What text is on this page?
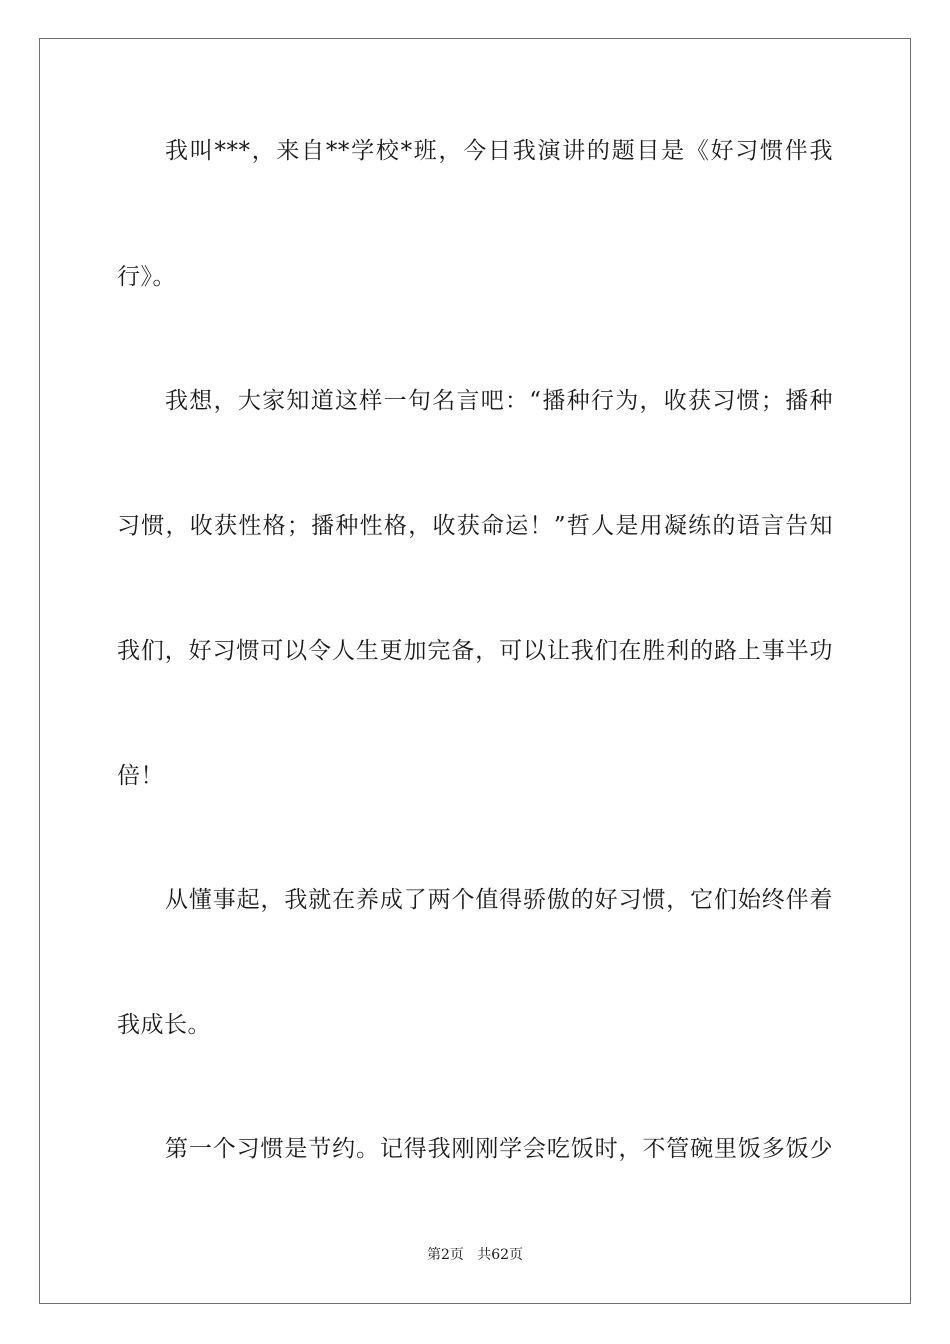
我叫***，来自**学校*班，今日我演讲的题目是《好习惯伴我
行》。
我想，大家知道这样一句名言吧：“播种行为，收获习惯；播种
习惯，收获性格；播种性格，收获命运！”哲人是用凝练的语言告知
我们，好习惯可以令人生更加完备，可以让我们在胜利的路上事半功
倍！
从懂事起，我就在养成了两个值得骄傲的好习惯，它们始终伴着
我成长。
第一个习惯是节约。记得我刚刚学会吃饭时，不管碗里饭多饭少
第2页   共62页
